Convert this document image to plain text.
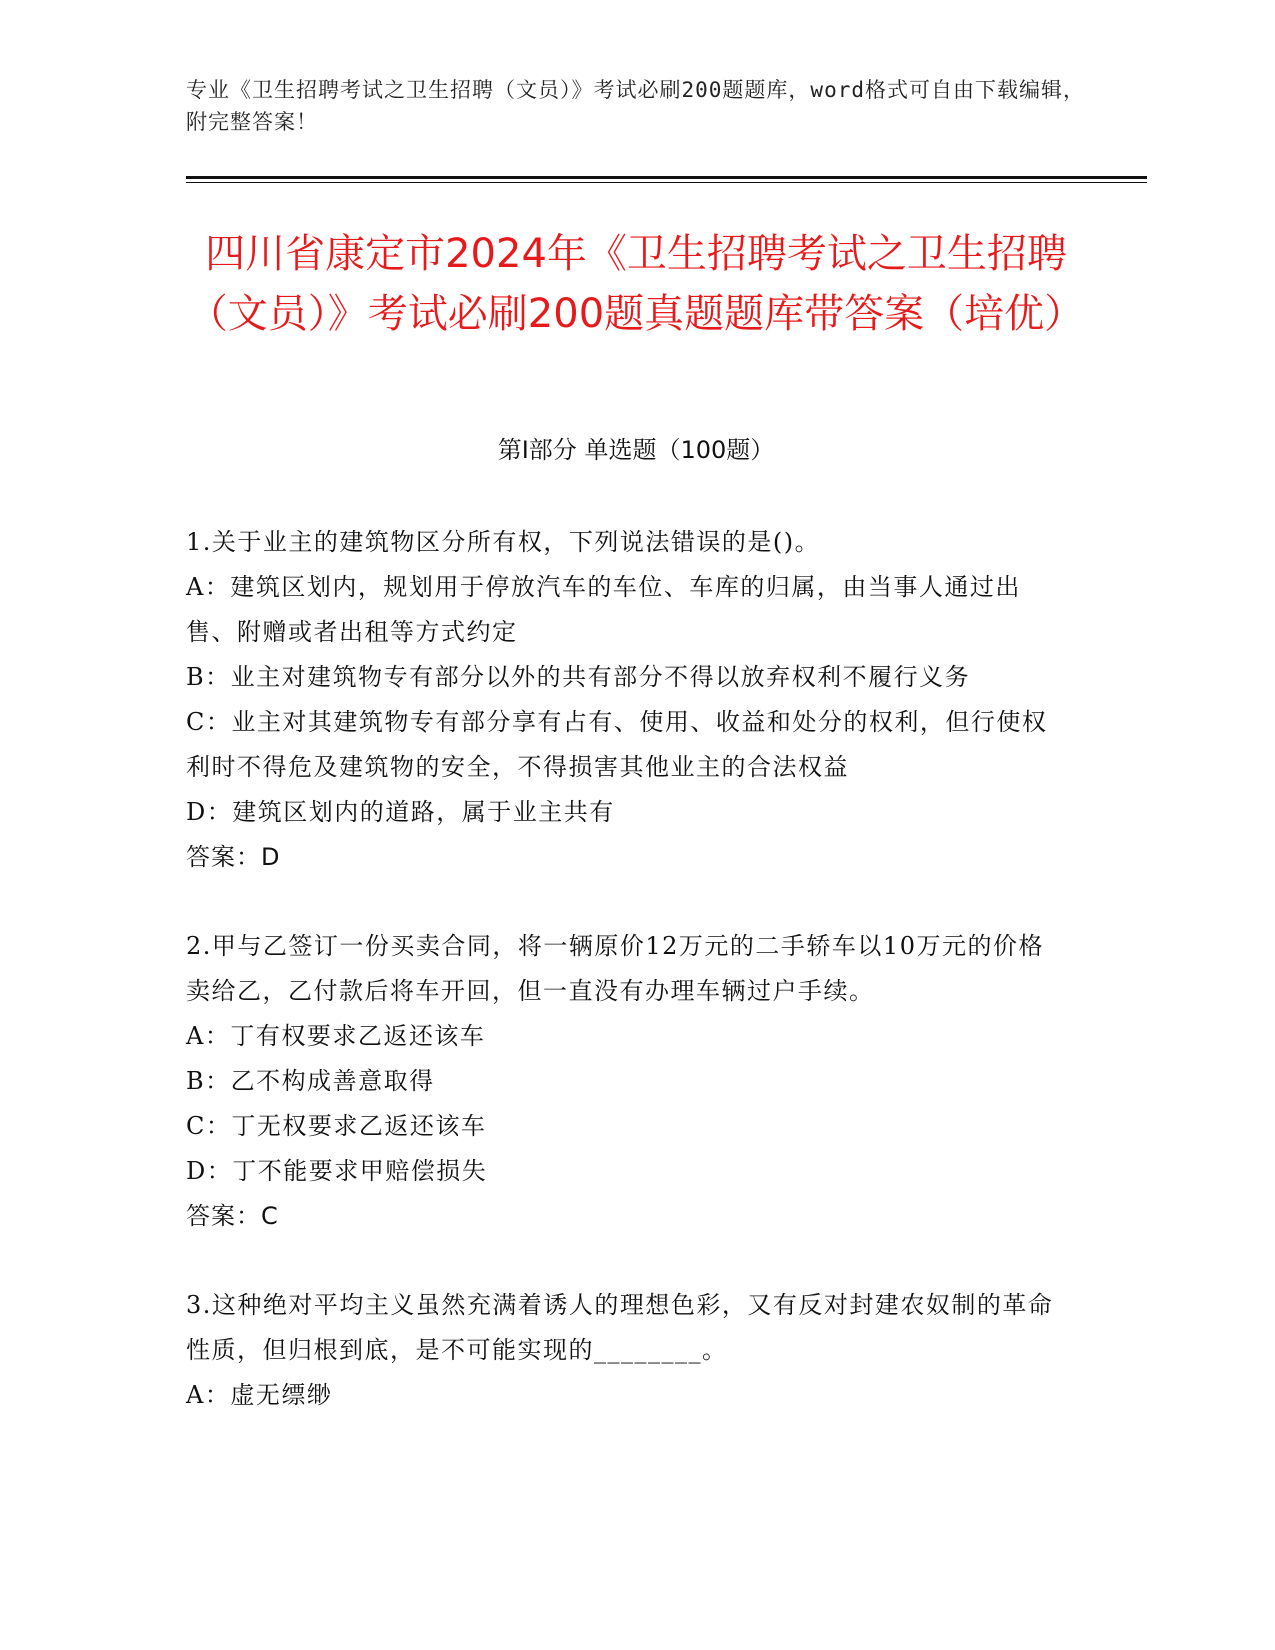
专业《卫生招聘考试之卫生招聘（文员）》考试必刷200题题库，word格式可自由下载编辑，附完整答案！
四川省康定市2024年《卫生招聘考试之卫生招聘（文员）》考试必刷200题真题题库带答案（培优）
第Ⅰ部分 单选题（100题）

1.关于业主的建筑物区分所有权，下列说法错误的是()。

A：建筑区划内，规划用于停放汽车的车位、车库的归属，由当事人通过出售、附赠或者出租等方式约定

B：业主对建筑物专有部分以外的共有部分不得以放弃权利不履行义务

C：业主对其建筑物专有部分享有占有、使用、收益和处分的权利，但行使权利时不得危及建筑物的安全，不得损害其他业主的合法权益

D：建筑区划内的道路，属于业主共有

答案：D

2.甲与乙签订一份买卖合同，将一辆原价12万元的二手轿车以10万元的价格卖给乙，乙付款后将车开回，但一直没有办理车辆过户手续。

A：丁有权要求乙返还该车

B：乙不构成善意取得

C：丁无权要求乙返还该车

D：丁不能要求甲赔偿损失

答案：C

3.这种绝对平均主义虽然充满着诱人的理想色彩，又有反对封建农奴制的革命性质，但归根到底，是不可能实现的________。

A：虚无缥缈
